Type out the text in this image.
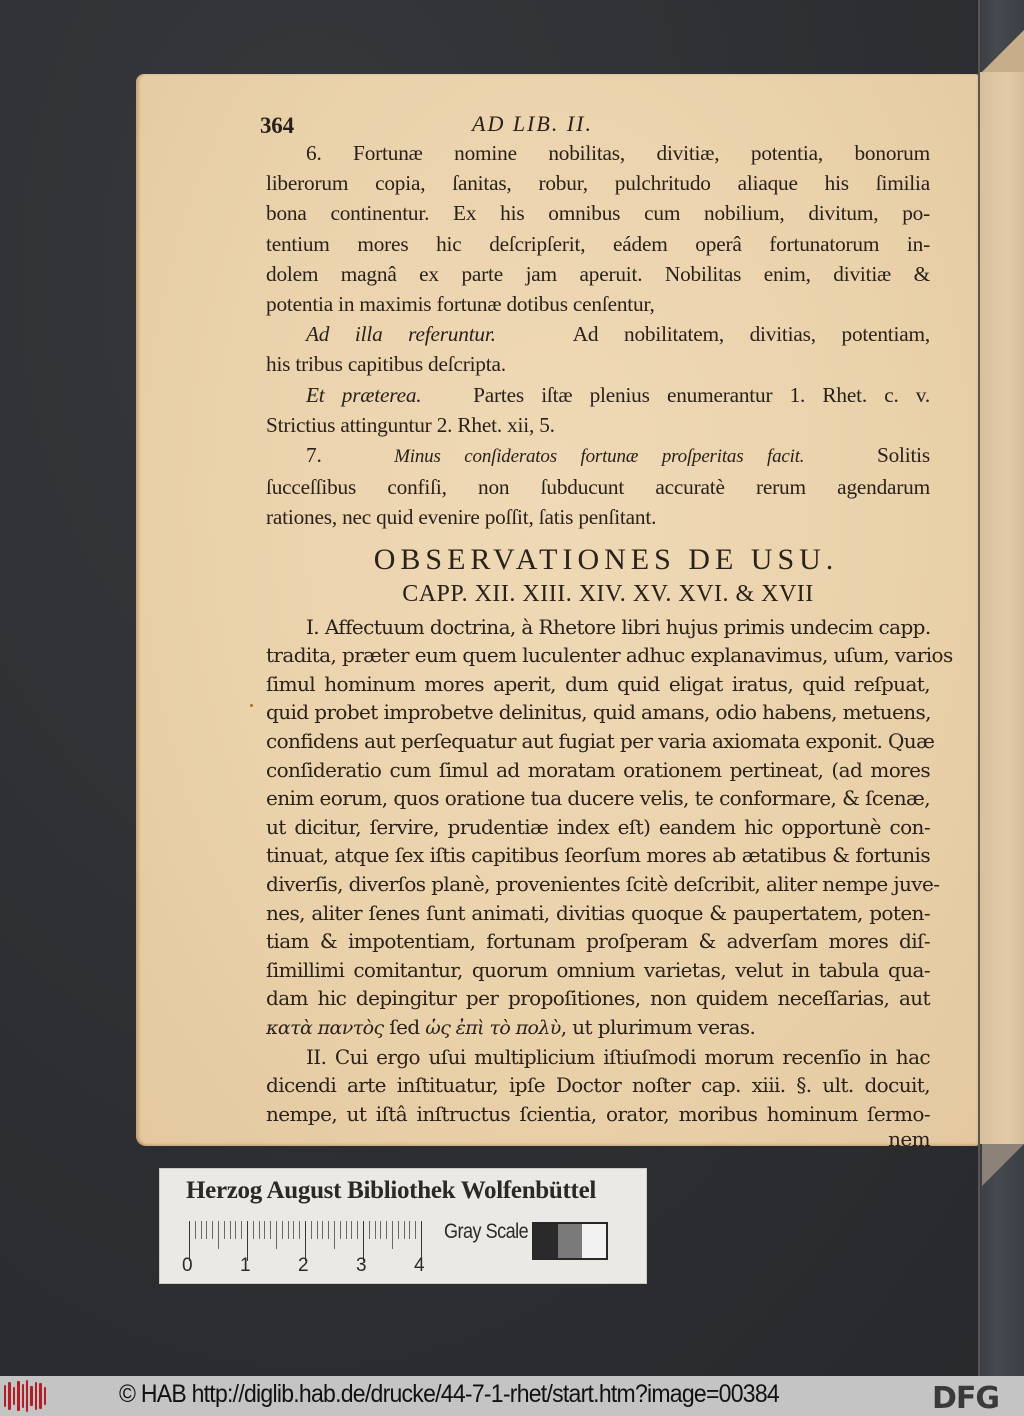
364	AD LIB. II.
6. Fortunæ nomine nobilitas, divitiæ, potentia, bonorum
liberorum copia, ſanitas, robur, pulchritudo aliaque his ſimilia
bona continentur. Ex his omnibus cum nobilium, divitum, po-
tentium mores hic deſcripſerit, eádem operâ fortunatorum in-
dolem magnâ ex parte jam aperuit. Nobilitas enim, divitiæ &
potentia in maximis fortunæ dotibus cenſentur,
Ad illa referuntur.	Ad nobilitatem, divitias, potentiam,
his tribus capitibus deſcripta.
Et præterea. Partes iſtæ plenius enumerantur 1. Rhet. c. v.
Strictius attinguntur 2. Rhet. xii, 5.
7.	Minus conſideratos fortunæ proſperitas facit.	Solitis
ſucceſſibus confiſi, non ſubducunt accuratè rerum agendarum
rationes, nec quid evenire poſſit, ſatis penſitant.
OBSERVATIONES DE USU.
CAPP. XII. XIII. XIV. XV. XVI. & XVII
I. Affectuum doctrina, à Rhetore libri hujus primis undecim capp.
tradita, præter eum quem luculenter adhuc explanavimus, uſum, varios
ſimul hominum mores aperit, dum quid eligat iratus, quid reſpuat,
quid probet improbetve delinitus, quid amans, odio habens, metuens,
confidens aut perſequatur aut fugiat per varia axiomata exponit. Quæ
conſideratio cum ſimul ad moratam orationem pertineat, (ad mores
enim eorum, quos oratione tua ducere velis, te conformare, & ſcenæ,
ut dicitur, ſervire, prudentiæ index eſt) eandem hic opportunè con-
tinuat, atque ſex iſtis capitibus ſeorſum mores ab ætatibus & fortunis
diverſis, diverſos planè, provenientes ſcitè deſcribit, aliter nempe juve-
nes, aliter ſenes ſunt animati, divitias quoque & paupertatem, poten-
tiam & impotentiam, fortunam proſperam & adverſam mores diſ-
ſimillimi comitantur, quorum omnium varietas, velut in tabula qua-
dam hic depingitur per propoſitiones, non quidem neceſſarias, aut
κατὰ παντὸς ſed ὡς ἐπὶ τὸ πολὺ, ut plurimum veras.
II. Cui ergo uſui multiplicium iſtiuſmodi morum recenſio in hac
dicendi arte inſtituatur, ipſe Doctor noſter cap. xiii. §. ult. docuit,
nempe, ut iſtâ inſtructus ſcientia, orator, moribus hominum ſermo-
nem
Herzog August Bibliothek Wolfenbüttel
0 1 2 3 4
Gray Scale
© HAB http://diglib.hab.de/drucke/44-7-1-rhet/start.htm?image=00384	DFG
